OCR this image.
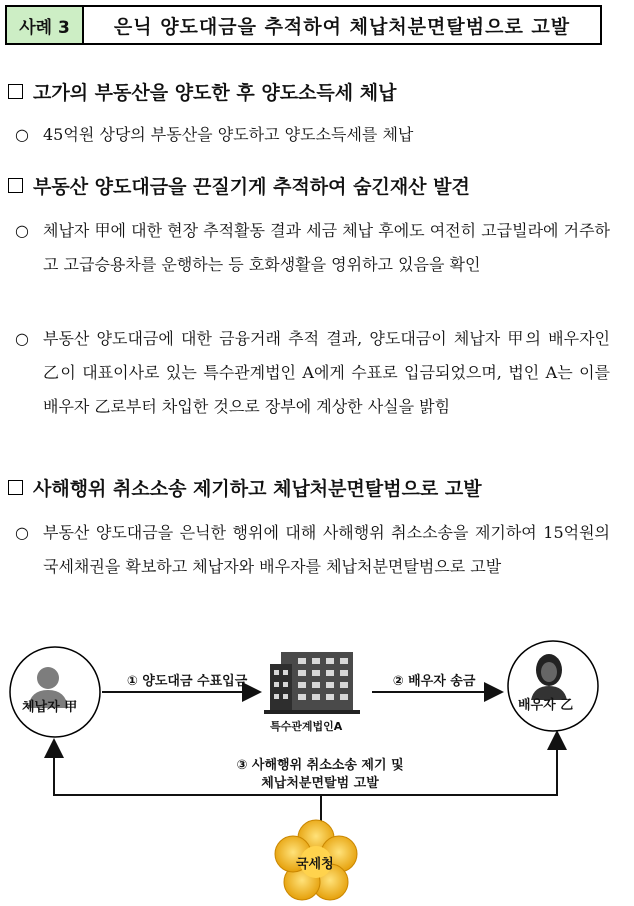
사례 3	은닉 양도대금을 추적하여 체납처분면탈범으로 고발
고가의 부동산을 양도한 후 양도소득세 체납
○ 45억원 상당의 부동산을 양도하고 양도소득세를 체납
부동산 양도대금을 끈질기게 추적하여 숨긴재산 발견
○ 체납자 甲에 대한 현장 추적활동 결과 세금 체납 후에도 여전히 고급빌라에 거주하고 고급승용차를 운행하는 등 호화생활을 영위하고 있음을 확인
○ 부동산 양도대금에 대한 금융거래 추적 결과, 양도대금이 체납자 甲의 배우자인 乙이 대표이사로 있는 특수관계법인 A에게 수표로 입금되었으며, 법인 A는 이를 배우자 乙로부터 차입한 것으로 장부에 계상한 사실을 밝힘
사해행위 취소소송 제기하고 체납처분면탈범으로 고발
○ 부동산 양도대금을 은닉한 행위에 대해 사해행위 취소소송을 제기하여 15억원의 국세채권을 확보하고 체납자와 배우자를 체납처분면탈범으로 고발
체납자 甲
특수관계법인A
배우자 乙
① 양도대금 수표입금	② 배우자 송금
③ 사해행위 취소소송 제기 및
체납처분면탈범 고발
국세청
